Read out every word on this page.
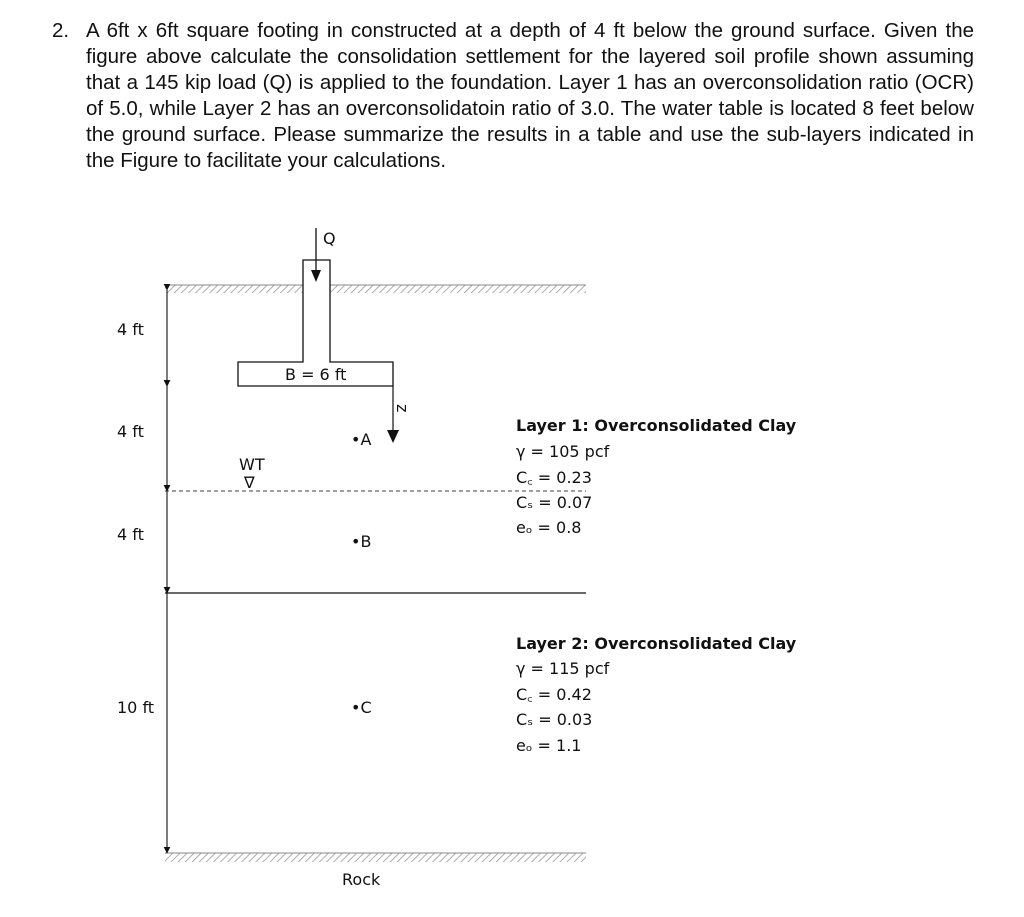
2. A 6ft x 6ft square footing in constructed at a depth of 4 ft below the ground surface. Given the figure above calculate the consolidation settlement for the layered soil profile shown assuming that a 145 kip load (Q) is applied to the foundation. Layer 1 has an overconsolidation ratio (OCR) of 5.0, while Layer 2 has an overconsolidatoin ratio of 3.0. The water table is located 8 feet below the ground surface. Please summarize the results in a table and use the sub-layers indicated in the Figure to facilitate your calculations.
Q
B = 6 ft
z
WT
∇
Rock
4 ft
4 ft
4 ft
10 ft
•A
•B
•C
Layer 1: Overconsolidated Clay
γ = 105 pcf
C꜀ = 0.23
Cₛ = 0.07
eₒ = 0.8
Layer 2: Overconsolidated Clay
γ = 115 pcf
C꜀ = 0.42
Cₛ = 0.03
eₒ = 1.1
